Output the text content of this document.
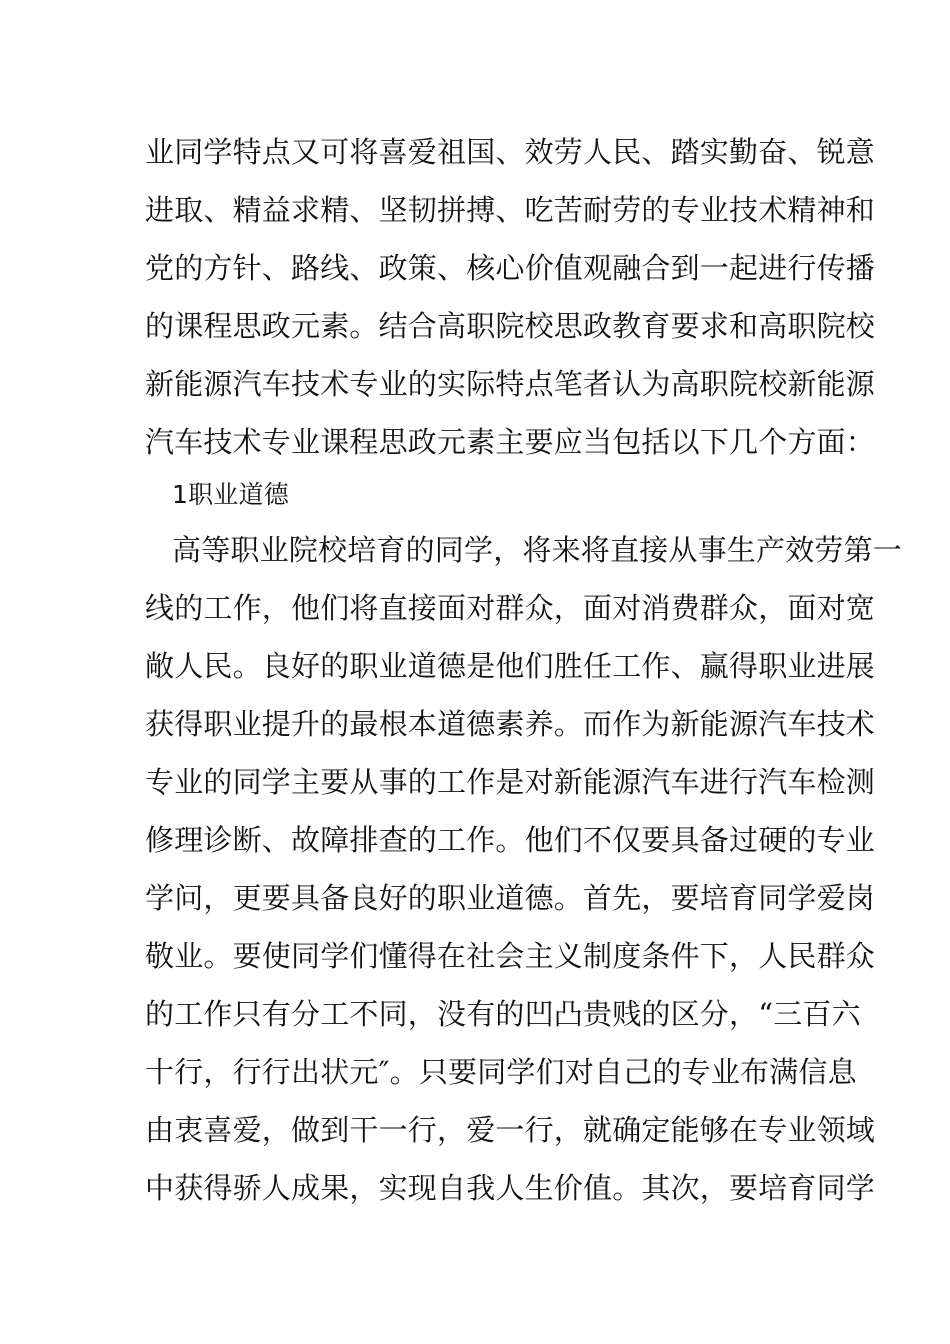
业同学特点又可将喜爱祖国、效劳人民、踏实勤奋、锐意
进取、精益求精、坚韧拼搏、吃苦耐劳的专业技术精神和
党的方针、路线、政策、核心价值观融合到一起进行传播
的课程思政元素。结合高职院校思政教育要求和高职院校
新能源汽车技术专业的实际特点笔者认为高职院校新能源
汽车技术专业课程思政元素主要应当包括以下几个方面：
1职业道德
高等职业院校培育的同学，将来将直接从事生产效劳第一
线的工作，他们将直接面对群众，面对消费群众，面对宽
敞人民。良好的职业道德是他们胜任工作、赢得职业进展
获得职业提升的最根本道德素养。而作为新能源汽车技术
专业的同学主要从事的工作是对新能源汽车进行汽车检测
修理诊断、故障排查的工作。他们不仅要具备过硬的专业
学问，更要具备良好的职业道德。首先，要培育同学爱岗
敬业。要使同学们懂得在社会主义制度条件下，人民群众
的工作只有分工不同，没有的凹凸贵贱的区分，“三百六
十行，行行出状元″。只要同学们对自己的专业布满信息
由衷喜爱，做到干一行，爱一行，就确定能够在专业领域
中获得骄人成果，实现自我人生价值。其次，要培育同学
